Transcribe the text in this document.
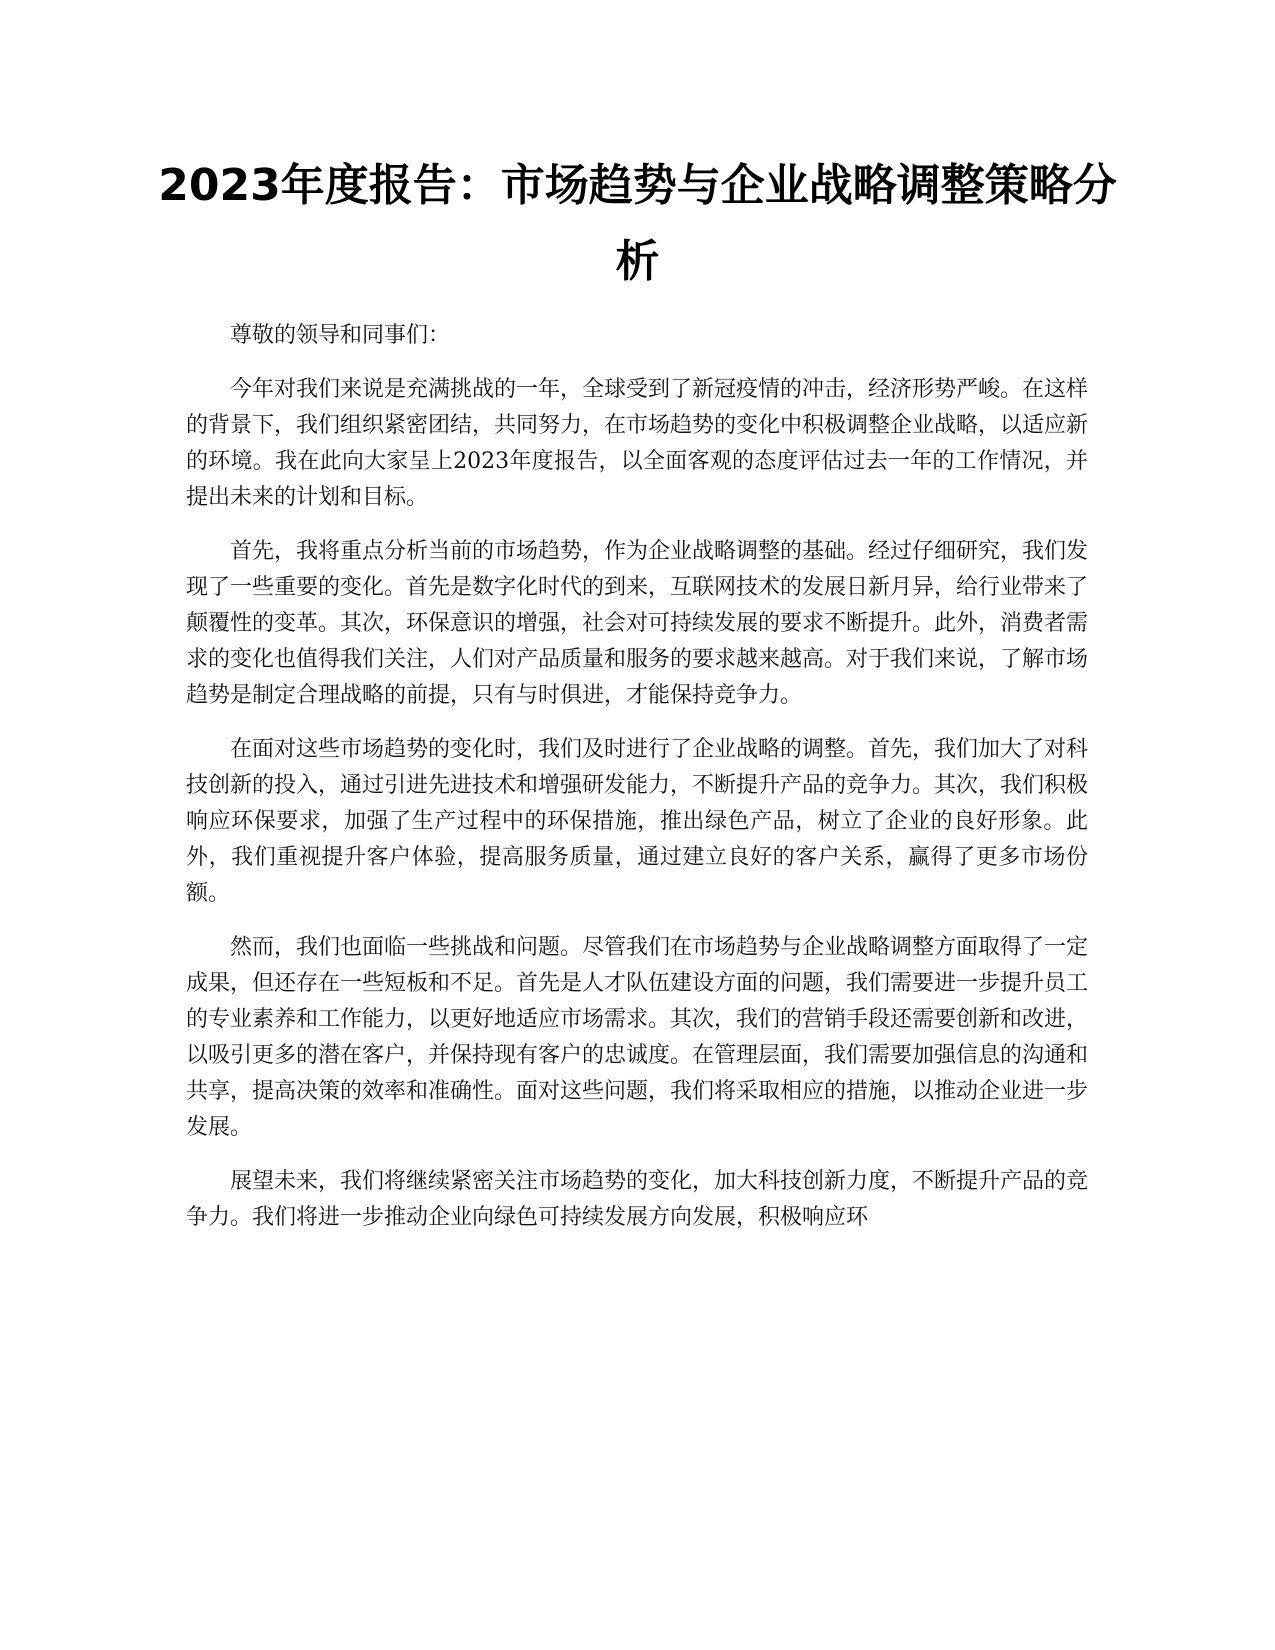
2023年度报告：市场趋势与企业战略调整策略分析

尊敬的领导和同事们：

今年对我们来说是充满挑战的一年，全球受到了新冠疫情的冲击，经济形势严峻。在这样的背景下，我们组织紧密团结，共同努力，在市场趋势的变化中积极调整企业战略，以适应新的环境。我在此向大家呈上2023年度报告，以全面客观的态度评估过去一年的工作情况，并提出未来的计划和目标。

首先，我将重点分析当前的市场趋势，作为企业战略调整的基础。经过仔细研究，我们发现了一些重要的变化。首先是数字化时代的到来，互联网技术的发展日新月异，给行业带来了颠覆性的变革。其次，环保意识的增强，社会对可持续发展的要求不断提升。此外，消费者需求的变化也值得我们关注，人们对产品质量和服务的要求越来越高。对于我们来说，了解市场趋势是制定合理战略的前提，只有与时俱进，才能保持竞争力。

在面对这些市场趋势的变化时，我们及时进行了企业战略的调整。首先，我们加大了对科技创新的投入，通过引进先进技术和增强研发能力，不断提升产品的竞争力。其次，我们积极响应环保要求，加强了生产过程中的环保措施，推出绿色产品，树立了企业的良好形象。此外，我们重视提升客户体验，提高服务质量，通过建立良好的客户关系，赢得了更多市场份额。

然而，我们也面临一些挑战和问题。尽管我们在市场趋势与企业战略调整方面取得了一定成果，但还存在一些短板和不足。首先是人才队伍建设方面的问题，我们需要进一步提升员工的专业素养和工作能力，以更好地适应市场需求。其次，我们的营销手段还需要创新和改进，以吸引更多的潜在客户，并保持现有客户的忠诚度。在管理层面，我们需要加强信息的沟通和共享，提高决策的效率和准确性。面对这些问题，我们将采取相应的措施，以推动企业进一步发展。

展望未来，我们将继续紧密关注市场趋势的变化，加大科技创新力度，不断提升产品的竞争力。我们将进一步推动企业向绿色可持续发展方向发展，积极响应环
